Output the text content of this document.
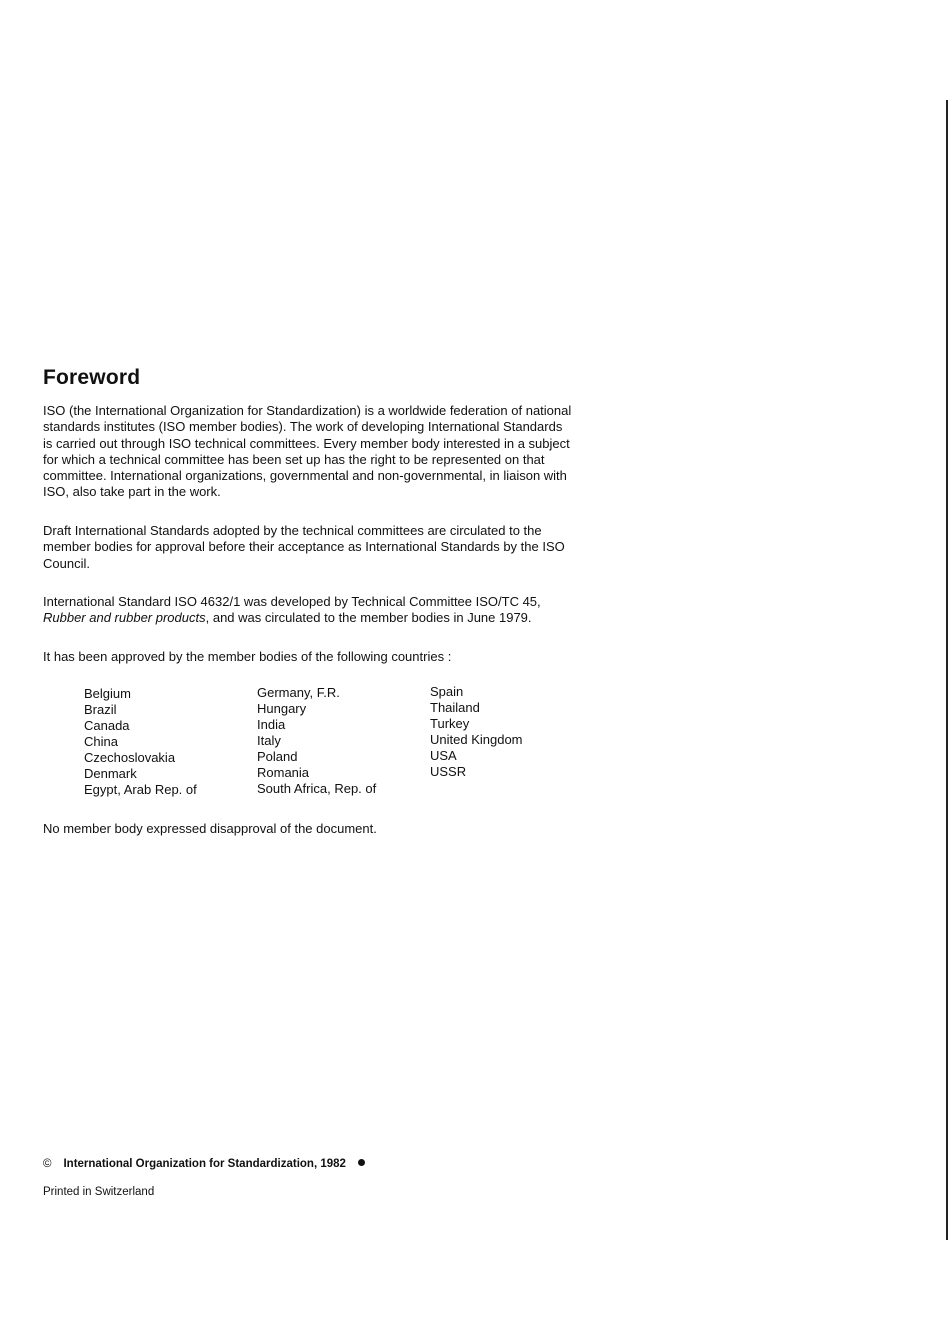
Foreword

ISO (the International Organization for Standardization) is a worldwide federation of national standards institutes (ISO member bodies). The work of developing International Standards is carried out through ISO technical committees. Every member body interested in a subject for which a technical committee has been set up has the right to be represented on that committee. International organizations, governmental and non-governmental, in liaison with ISO, also take part in the work.

Draft International Standards adopted by the technical committees are circulated to the member bodies for approval before their acceptance as International Standards by the ISO Council.

International Standard ISO 4632/1 was developed by Technical Committee ISO/TC 45,
Rubber and rubber products, and was circulated to the member bodies in June 1979.

It has been approved by the member bodies of the following countries :

Belgium
Brazil
Canada
China
Czechoslovakia
Denmark
Egypt, Arab Rep. of
Germany, F.R.
Hungary
India
Italy
Poland
Romania
South Africa, Rep. of
Spain
Thailand
Turkey
United Kingdom
USA
USSR

No member body expressed disapproval of the document.

© International Organization for Standardization, 1982
Printed in Switzerland
